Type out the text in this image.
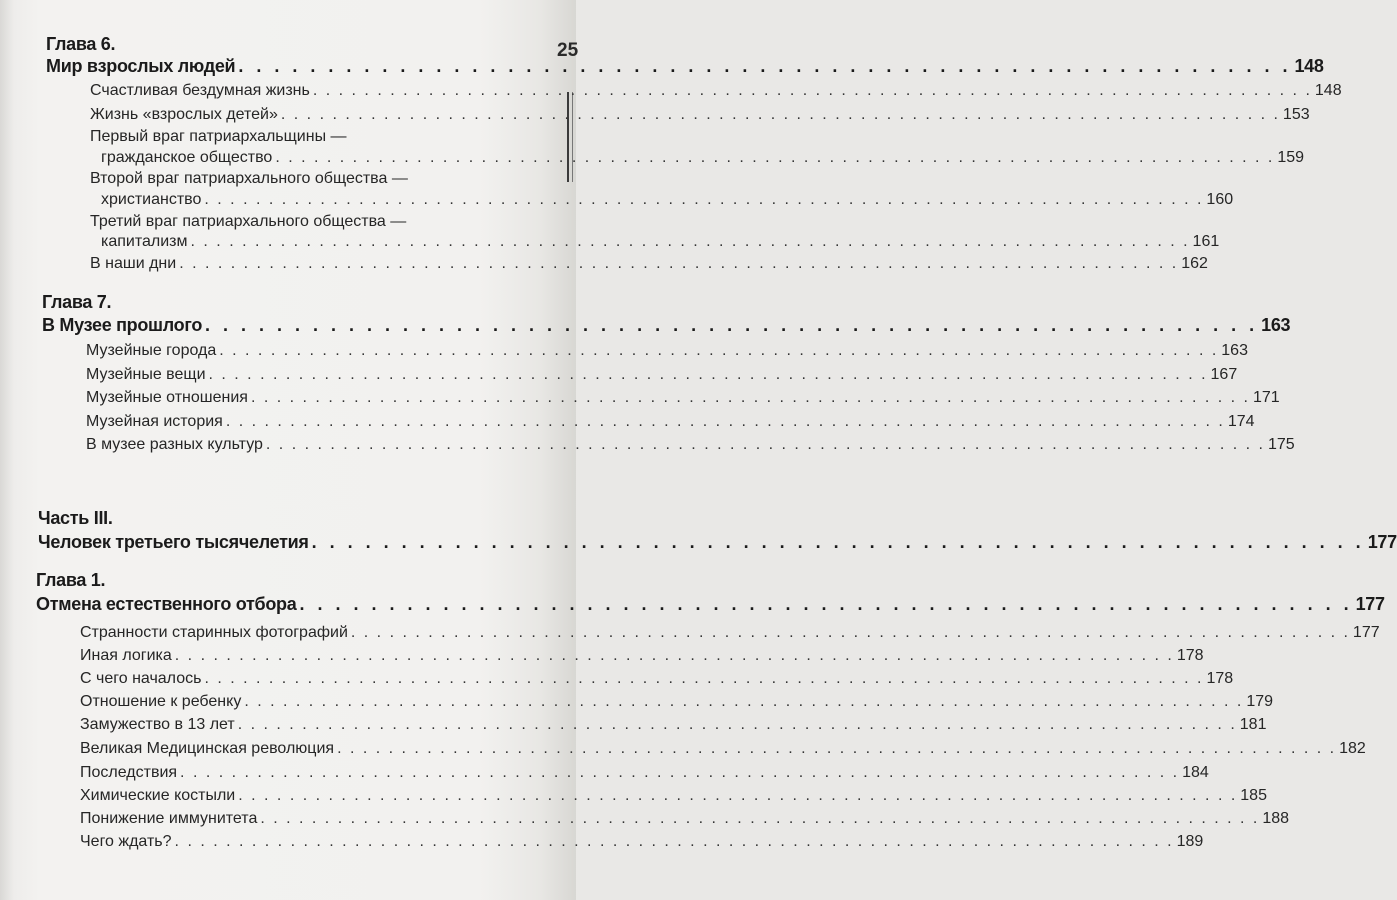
25
Глава 6.
Мир взрослых людей . . . . . . . . . . . . . . . . . . . . . . . . . . . . . . . . . . . . . . . . . . . . . . . . . . . . . . . . . . . 148
Счастливая бездумная жизнь . . . . . . . . . . . . . . . . . . . . . . . . . . . . . . . . . . . . . . . . . . . . . . . . . . . . . . . . . . . . . . . . . . . . . . . . . . . . . . 148
Жизнь «взрослых детей» . . . . . . . . . . . . . . . . . . . . . . . . . . . . . . . . . . . . . . . . . . . . . . . . . . . . . . . . . . . . . . . . . . . . . . . . . . . . . . 153
Первый враг патриархальщины —
гражданское общество . . . . . . . . . . . . . . . . . . . . . . . . . . . . . . . . . . . . . . . . . . . . . . . . . . . . . . . . . . . . . . . . . . . . . . . . . . . . . . 159
Второй враг патриархального общества —
христианство . . . . . . . . . . . . . . . . . . . . . . . . . . . . . . . . . . . . . . . . . . . . . . . . . . . . . . . . . . . . . . . . . . . . . . . . . . . . . . 160
Третий враг патриархального общества —
капитализм . . . . . . . . . . . . . . . . . . . . . . . . . . . . . . . . . . . . . . . . . . . . . . . . . . . . . . . . . . . . . . . . . . . . . . . . . . . . . . 161
В наши дни . . . . . . . . . . . . . . . . . . . . . . . . . . . . . . . . . . . . . . . . . . . . . . . . . . . . . . . . . . . . . . . . . . . . . . . . . . . . . . 162
Глава 7.
В Музее прошлого . . . . . . . . . . . . . . . . . . . . . . . . . . . . . . . . . . . . . . . . . . . . . . . . . . . . . . . . . . . 163
Музейные города . . . . . . . . . . . . . . . . . . . . . . . . . . . . . . . . . . . . . . . . . . . . . . . . . . . . . . . . . . . . . . . . . . . . . . . . . . . . . . 163
Музейные вещи . . . . . . . . . . . . . . . . . . . . . . . . . . . . . . . . . . . . . . . . . . . . . . . . . . . . . . . . . . . . . . . . . . . . . . . . . . . . . . 167
Музейные отношения . . . . . . . . . . . . . . . . . . . . . . . . . . . . . . . . . . . . . . . . . . . . . . . . . . . . . . . . . . . . . . . . . . . . . . . . . . . . . . 171
Музейная история . . . . . . . . . . . . . . . . . . . . . . . . . . . . . . . . . . . . . . . . . . . . . . . . . . . . . . . . . . . . . . . . . . . . . . . . . . . . . . 174
В музее разных культур . . . . . . . . . . . . . . . . . . . . . . . . . . . . . . . . . . . . . . . . . . . . . . . . . . . . . . . . . . . . . . . . . . . . . . . . . . . . . . 175
Часть III.
Человек третьего тысячелетия . . . . . . . . . . . . . . . . . . . . . . . . . . . . . . . . . . . . . . . . . . . . . . . . . . . . . . . . . . . 177
Глава 1.
Отмена естественного отбора . . . . . . . . . . . . . . . . . . . . . . . . . . . . . . . . . . . . . . . . . . . . . . . . . . . . . . . . . . . 177
Странности старинных фотографий . . . . . . . . . . . . . . . . . . . . . . . . . . . . . . . . . . . . . . . . . . . . . . . . . . . . . . . . . . . . . . . . . . . . . . . . . . . . . . 177
Иная логика . . . . . . . . . . . . . . . . . . . . . . . . . . . . . . . . . . . . . . . . . . . . . . . . . . . . . . . . . . . . . . . . . . . . . . . . . . . . . . 178
С чего началось . . . . . . . . . . . . . . . . . . . . . . . . . . . . . . . . . . . . . . . . . . . . . . . . . . . . . . . . . . . . . . . . . . . . . . . . . . . . . . 178
Отношение к ребенку . . . . . . . . . . . . . . . . . . . . . . . . . . . . . . . . . . . . . . . . . . . . . . . . . . . . . . . . . . . . . . . . . . . . . . . . . . . . . . 179
Замужество в 13 лет . . . . . . . . . . . . . . . . . . . . . . . . . . . . . . . . . . . . . . . . . . . . . . . . . . . . . . . . . . . . . . . . . . . . . . . . . . . . . . 181
Великая Медицинская революция . . . . . . . . . . . . . . . . . . . . . . . . . . . . . . . . . . . . . . . . . . . . . . . . . . . . . . . . . . . . . . . . . . . . . . . . . . . . . . 182
Последствия . . . . . . . . . . . . . . . . . . . . . . . . . . . . . . . . . . . . . . . . . . . . . . . . . . . . . . . . . . . . . . . . . . . . . . . . . . . . . . 184
Химические костыли . . . . . . . . . . . . . . . . . . . . . . . . . . . . . . . . . . . . . . . . . . . . . . . . . . . . . . . . . . . . . . . . . . . . . . . . . . . . . . 185
Понижение иммунитета . . . . . . . . . . . . . . . . . . . . . . . . . . . . . . . . . . . . . . . . . . . . . . . . . . . . . . . . . . . . . . . . . . . . . . . . . . . . . . 188
Чего ждать? . . . . . . . . . . . . . . . . . . . . . . . . . . . . . . . . . . . . . . . . . . . . . . . . . . . . . . . . . . . . . . . . . . . . . . . . . . . . . . 189
